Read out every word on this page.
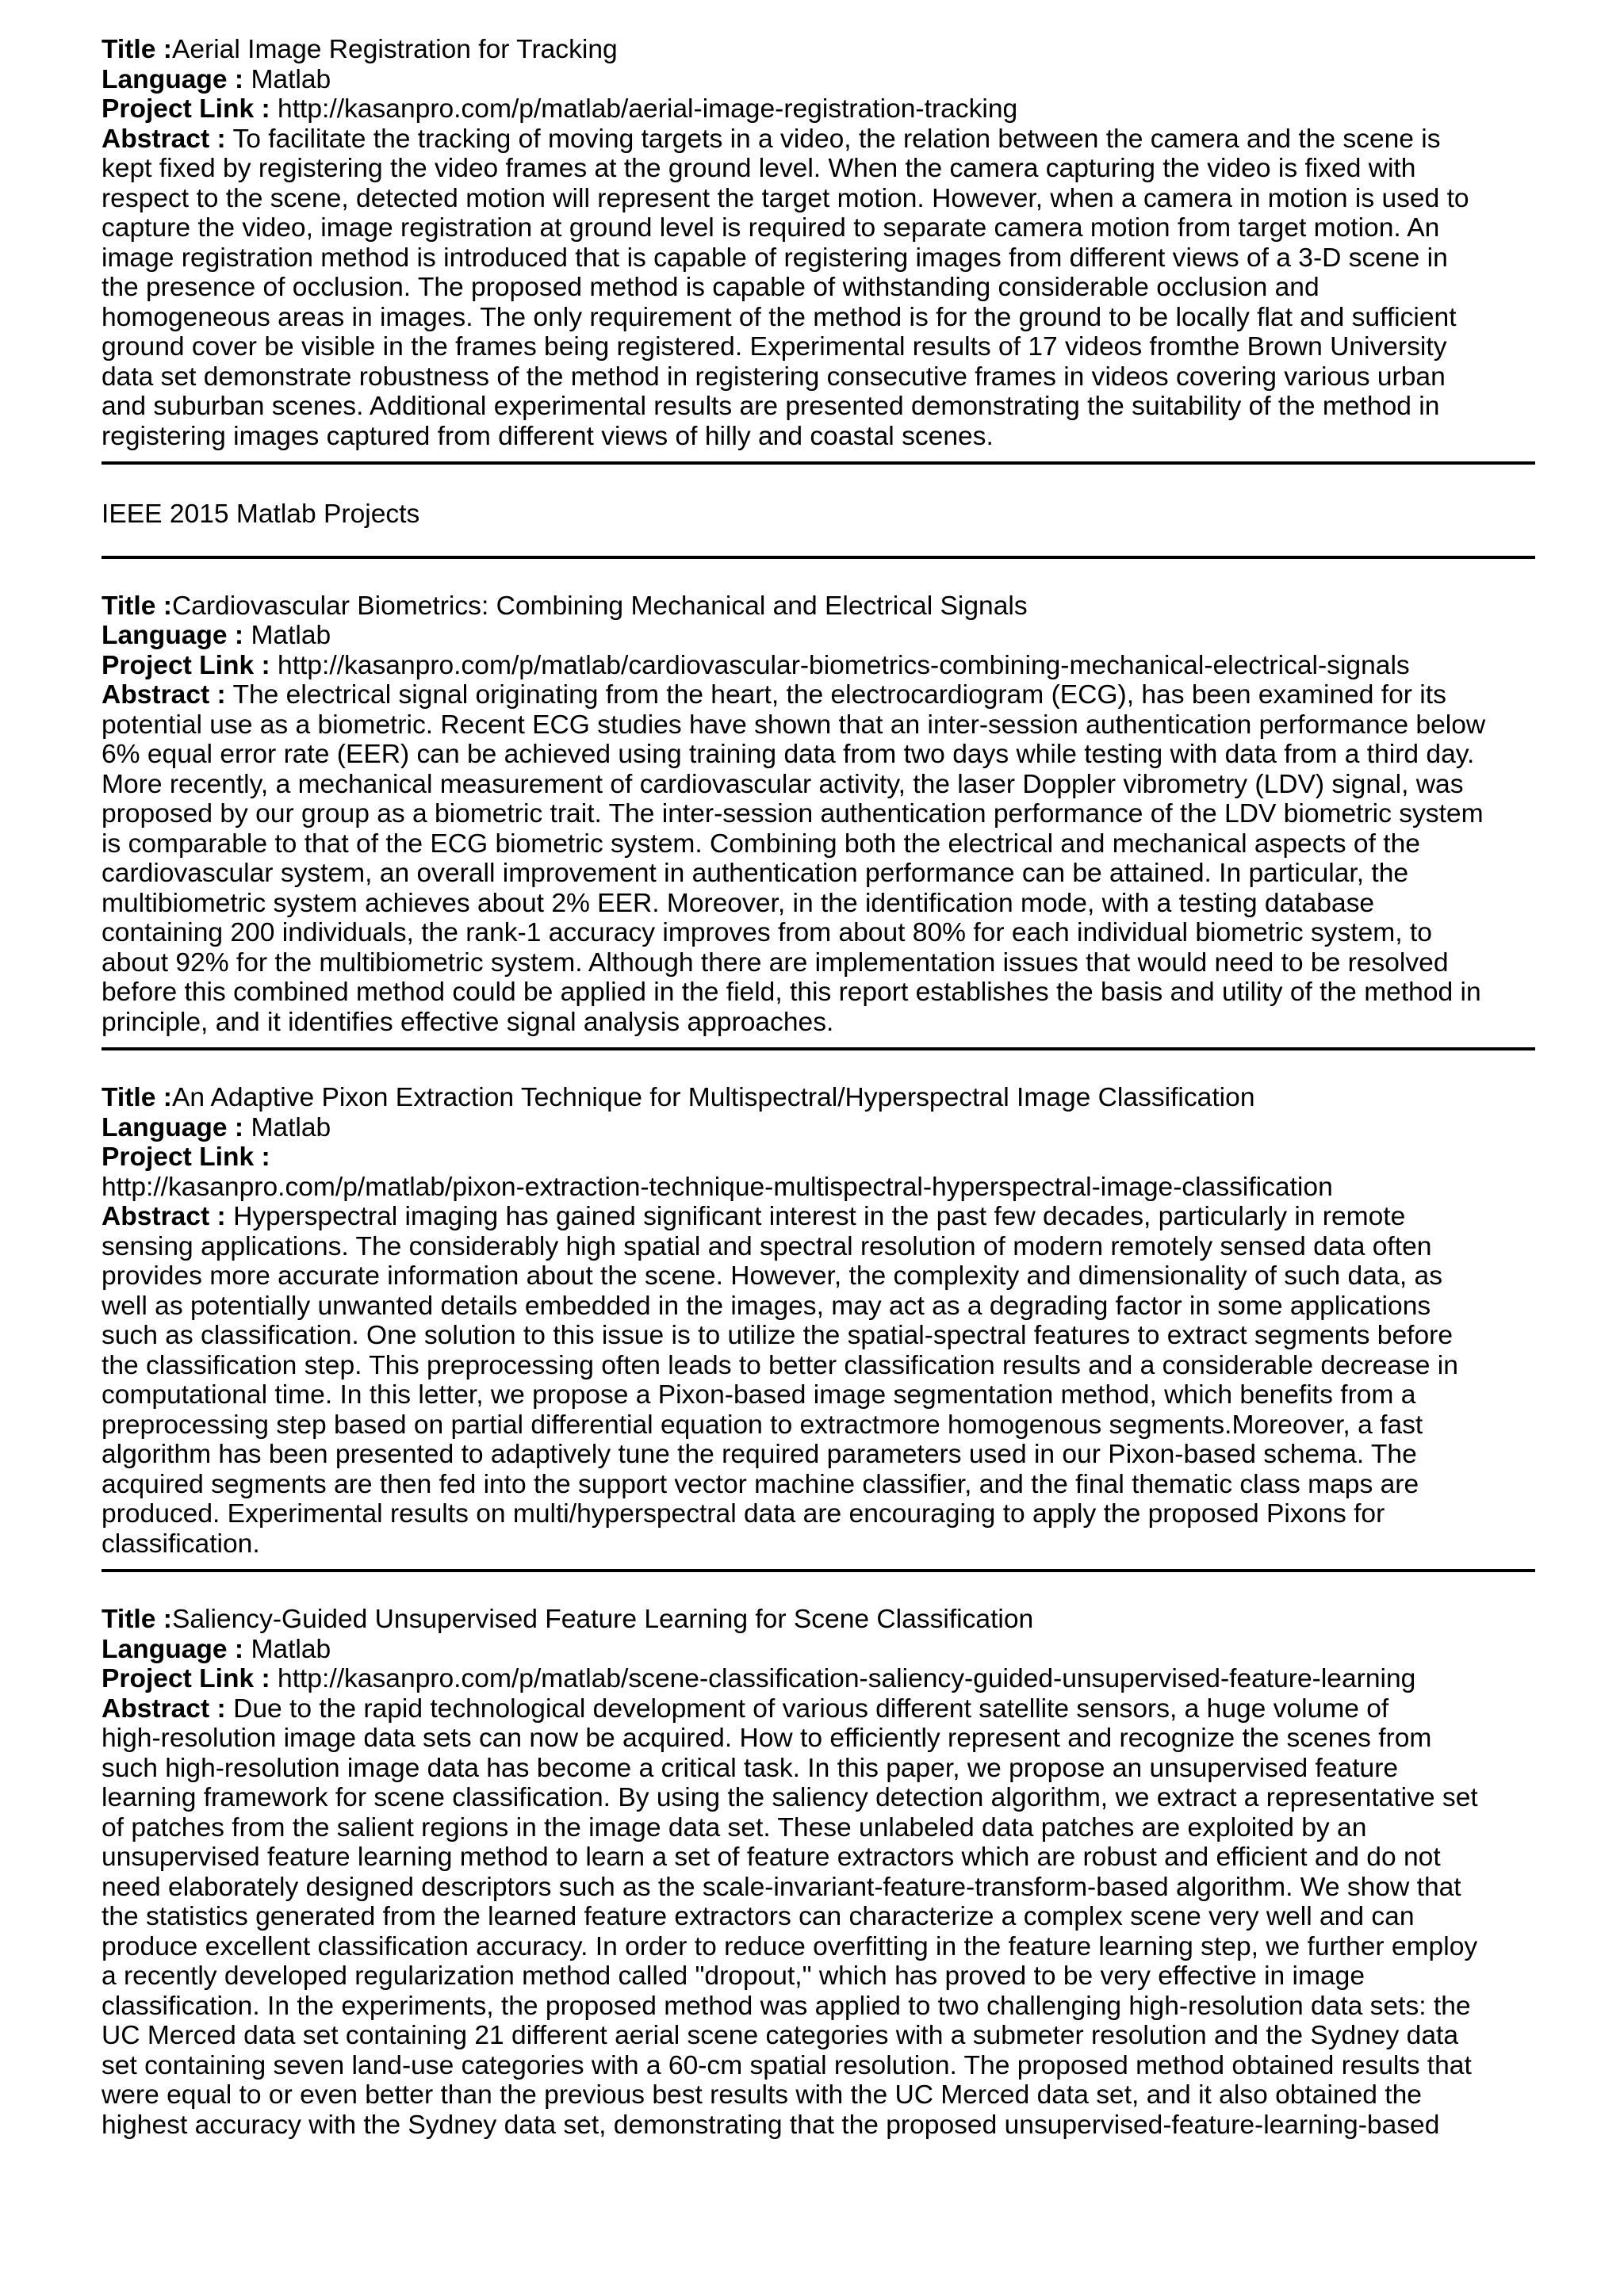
Title :Aerial Image Registration for Tracking
Language : Matlab
Project Link : http://kasanpro.com/p/matlab/aerial-image-registration-tracking
Abstract : To facilitate the tracking of moving targets in a video, the relation between the camera and the scene is
kept fixed by registering the video frames at the ground level. When the camera capturing the video is fixed with
respect to the scene, detected motion will represent the target motion. However, when a camera in motion is used to
capture the video, image registration at ground level is required to separate camera motion from target motion. An
image registration method is introduced that is capable of registering images from different views of a 3-D scene in
the presence of occlusion. The proposed method is capable of withstanding considerable occlusion and
homogeneous areas in images. The only requirement of the method is for the ground to be locally flat and sufficient
ground cover be visible in the frames being registered. Experimental results of 17 videos fromthe Brown University
data set demonstrate robustness of the method in registering consecutive frames in videos covering various urban
and suburban scenes. Additional experimental results are presented demonstrating the suitability of the method in
registering images captured from different views of hilly and coastal scenes.
IEEE 2015 Matlab Projects
Title :Cardiovascular Biometrics: Combining Mechanical and Electrical Signals
Language : Matlab
Project Link : http://kasanpro.com/p/matlab/cardiovascular-biometrics-combining-mechanical-electrical-signals
Abstract : The electrical signal originating from the heart, the electrocardiogram (ECG), has been examined for its
potential use as a biometric. Recent ECG studies have shown that an inter-session authentication performance below
6% equal error rate (EER) can be achieved using training data from two days while testing with data from a third day.
More recently, a mechanical measurement of cardiovascular activity, the laser Doppler vibrometry (LDV) signal, was
proposed by our group as a biometric trait. The inter-session authentication performance of the LDV biometric system
is comparable to that of the ECG biometric system. Combining both the electrical and mechanical aspects of the
cardiovascular system, an overall improvement in authentication performance can be attained. In particular, the
multibiometric system achieves about 2% EER. Moreover, in the identification mode, with a testing database
containing 200 individuals, the rank-1 accuracy improves from about 80% for each individual biometric system, to
about 92% for the multibiometric system. Although there are implementation issues that would need to be resolved
before this combined method could be applied in the field, this report establishes the basis and utility of the method in
principle, and it identifies effective signal analysis approaches.
Title :An Adaptive Pixon Extraction Technique for Multispectral/Hyperspectral Image Classification
Language : Matlab
Project Link :
http://kasanpro.com/p/matlab/pixon-extraction-technique-multispectral-hyperspectral-image-classification
Abstract : Hyperspectral imaging has gained significant interest in the past few decades, particularly in remote
sensing applications. The considerably high spatial and spectral resolution of modern remotely sensed data often
provides more accurate information about the scene. However, the complexity and dimensionality of such data, as
well as potentially unwanted details embedded in the images, may act as a degrading factor in some applications
such as classification. One solution to this issue is to utilize the spatial-spectral features to extract segments before
the classification step. This preprocessing often leads to better classification results and a considerable decrease in
computational time. In this letter, we propose a Pixon-based image segmentation method, which benefits from a
preprocessing step based on partial differential equation to extractmore homogenous segments.Moreover, a fast
algorithm has been presented to adaptively tune the required parameters used in our Pixon-based schema. The
acquired segments are then fed into the support vector machine classifier, and the final thematic class maps are
produced. Experimental results on multi/hyperspectral data are encouraging to apply the proposed Pixons for
classification.
Title :Saliency-Guided Unsupervised Feature Learning for Scene Classification
Language : Matlab
Project Link : http://kasanpro.com/p/matlab/scene-classification-saliency-guided-unsupervised-feature-learning
Abstract : Due to the rapid technological development of various different satellite sensors, a huge volume of
high-resolution image data sets can now be acquired. How to efficiently represent and recognize the scenes from
such high-resolution image data has become a critical task. In this paper, we propose an unsupervised feature
learning framework for scene classification. By using the saliency detection algorithm, we extract a representative set
of patches from the salient regions in the image data set. These unlabeled data patches are exploited by an
unsupervised feature learning method to learn a set of feature extractors which are robust and efficient and do not
need elaborately designed descriptors such as the scale-invariant-feature-transform-based algorithm. We show that
the statistics generated from the learned feature extractors can characterize a complex scene very well and can
produce excellent classification accuracy. In order to reduce overfitting in the feature learning step, we further employ
a recently developed regularization method called "dropout," which has proved to be very effective in image
classification. In the experiments, the proposed method was applied to two challenging high-resolution data sets: the
UC Merced data set containing 21 different aerial scene categories with a submeter resolution and the Sydney data
set containing seven land-use categories with a 60-cm spatial resolution. The proposed method obtained results that
were equal to or even better than the previous best results with the UC Merced data set, and it also obtained the
highest accuracy with the Sydney data set, demonstrating that the proposed unsupervised-feature-learning-based
